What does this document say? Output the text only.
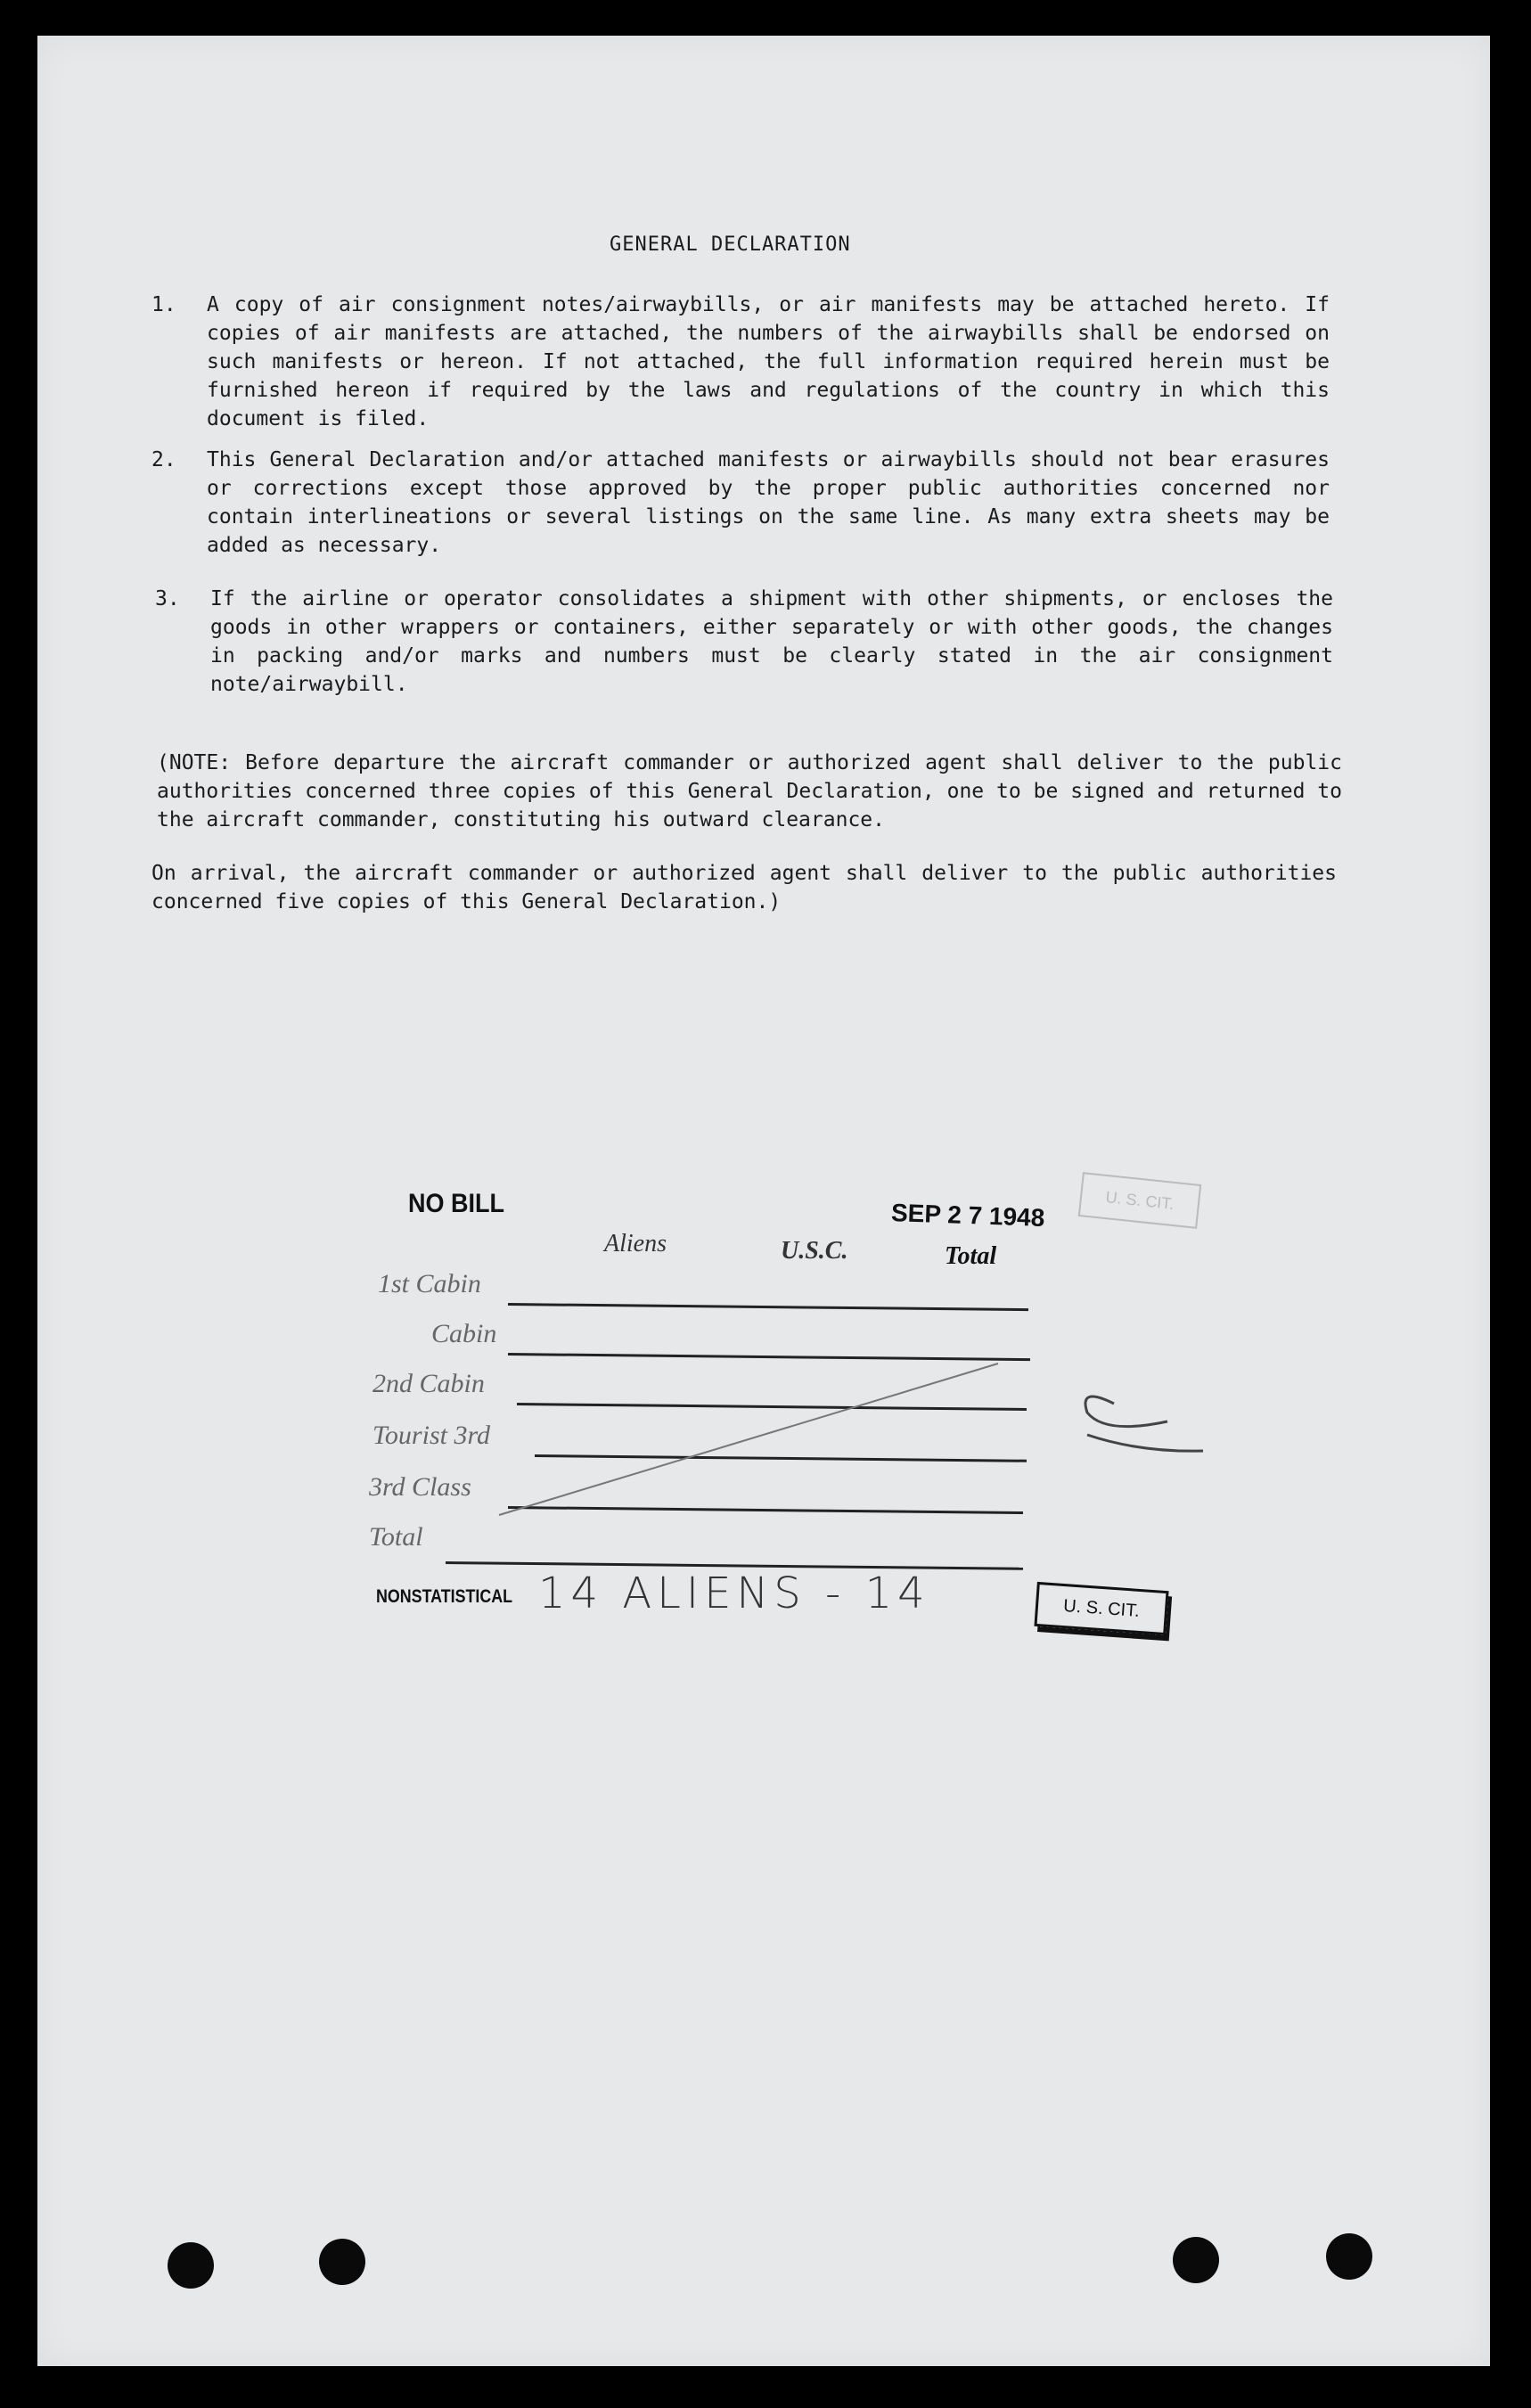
GENERAL DECLARATION
1. A copy of air consignment notes/airwaybills, or air manifests may be attached hereto. If copies of air manifests are attached, the numbers of the airwaybills shall be endorsed on such manifests or hereon. If not attached, the full information required herein must be furnished hereon if required by the laws and regulations of the country in which this document is filed.
2. This General Declaration and/or attached manifests or airwaybills should not bear erasures or corrections except those approved by the proper public authorities concerned nor contain interlineations or several listings on the same line. As many extra sheets may be added as necessary.
3. If the airline or operator consolidates a shipment with other shipments, or encloses the goods in other wrappers or containers, either separately or with other goods, the changes in packing and/or marks and numbers must be clearly stated in the air consignment note/airwaybill.
(NOTE: Before departure the aircraft commander or authorized agent shall deliver to the public authorities concerned three copies of this General Declaration, one to be signed and returned to the aircraft commander, constituting his outward clearance.
On arrival, the aircraft commander or authorized agent shall deliver to the public authorities concerned five copies of this General Declaration.)
NO BILL	SEP 2 7 1948	U. S. CIT.
Aliens	U.S.C.	Total
1st Cabin
Cabin
2nd Cabin
Tourist 3rd
3rd Class
Total
NONSTATISTICAL 14 ALIENS - 14	U. S. CIT.
